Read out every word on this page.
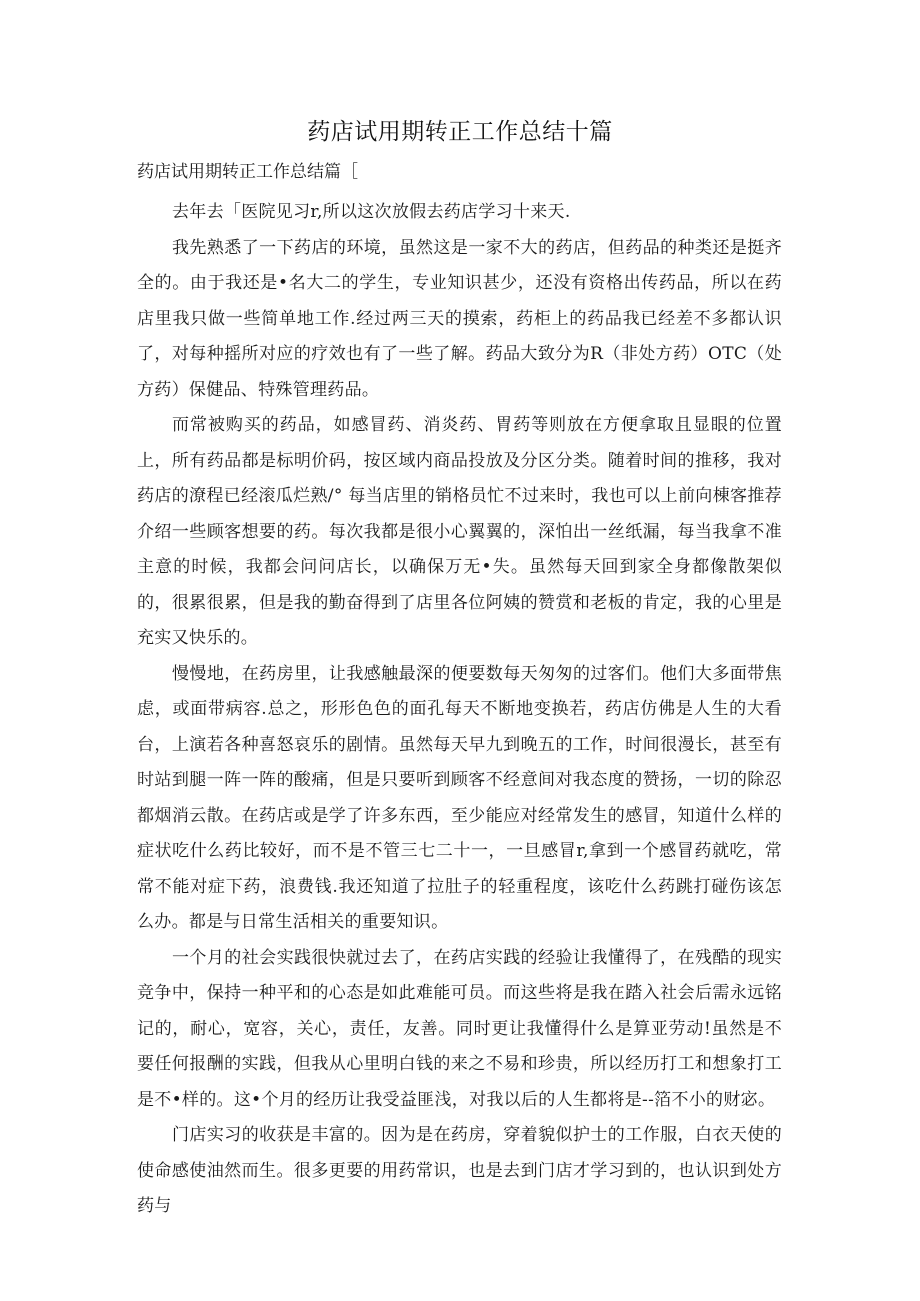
药店试用期转正工作总结十篇

药店试用期转正工作总结篇［

去年去「医院见习r,所以这次放假去药店学习十来天.

我先熟悉了一下药店的环境，虽然这是一家不大的药店，但药品的种类还是挺齐全的。由于我还是•名大二的学生，专业知识甚少，还没有资格出传药品，所以在药店里我只做一些简单地工作.经过两三天的摸索，药柜上的药品我已经差不多都认识了，对每种摇所对应的疗效也有了一些了解。药品大致分为R（非处方药）OTC（处方药）保健品、特殊管理药品。

而常被购买的药品，如感冒药、消炎药、胃药等则放在方便拿取且显眼的位置上，所有药品都是标明价码，按区域内商品投放及分区分类。随着时间的推移，我对药店的潦程已经滚瓜烂熟/° 每当店里的销格员忙不过来时，我也可以上前向棟客推荐介绍一些顾客想要的药。每次我都是很小心翼翼的，深怕出一丝纸漏，每当我拿不准主意的时候，我都会问问店长，以确保万无•失。虽然每天回到家全身都像散架似的，很累很累，但是我的勤奋得到了店里各位阿姨的赞赏和老板的肯定，我的心里是充实又快乐的。

慢慢地，在药房里，让我感触最深的便要数每天匆匆的过客们。他们大多面带焦虑，或面带病容.总之，形形色色的面孔每天不断地变换若，药店仿佛是人生的大看台，上演若各种喜怒哀乐的剧情。虽然每天早九到晚五的工作，时间很漫长，甚至有时站到腿一阵一阵的酸痛，但是只要听到顾客不经意间对我态度的赞扬，一切的除忍都烟消云散。在药店或是学了许多东西，至少能应对经常发生的感冒，知道什么样的症状吃什么药比较好，而不是不管三七二十一，一旦感冒r,拿到一个感冒药就吃，常常不能对症下药，浪费钱.我还知道了拉肚子的轻重程度，该吃什么药跳打碰伤该怎么办。都是与日常生活相关的重要知识。

一个月的社会实践很快就过去了，在药店实践的经验让我懂得了，在残酷的现实竞争中，保持一种平和的心态是如此难能可员。而这些将是我在踏入社会后需永远铭记的，耐心，宽容，关心，责任，友善。同时更让我懂得什么是算亚劳动!虽然是不要任何报酬的实践，但我从心里明白钱的来之不易和珍贵，所以经历打工和想象打工是不•样的。这•个月的经历让我受益匪浅，对我以后的人生都将是--箔不小的财宓。

门店实习的收获是丰富的。因为是在药房，穿着貌似护士的工作服，白衣天使的使命感使油然而生。很多更要的用药常识，也是去到门店才学习到的，也认识到处方药与
